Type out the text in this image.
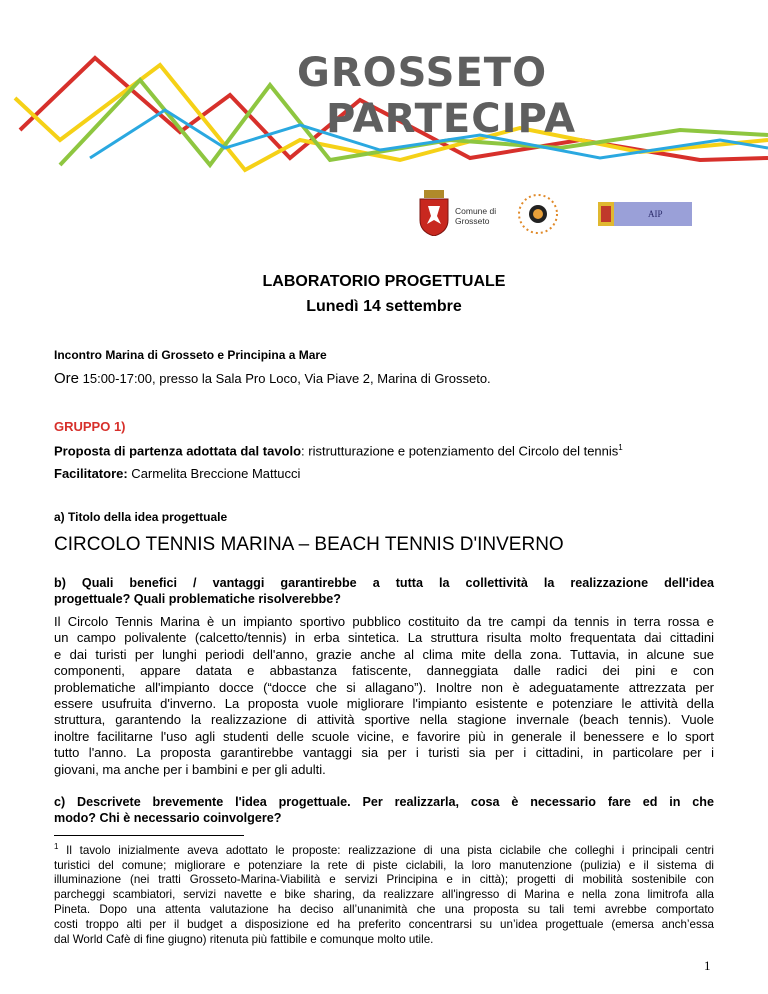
GROSSETO
PARTECIPA
Comune di
Grosseto
AIP
LABORATORIO PROGETTUALE
Lunedì 14 settembre
Incontro Marina di Grosseto e Principina a Mare
Ore 15:00-17:00, presso la Sala Pro Loco, Via Piave 2, Marina di Grosseto.
GRUPPO 1)
Proposta di partenza adottata dal tavolo: ristrutturazione e potenziamento del Circolo del tennis$^1$
Facilitatore: Carmelita Breccione Mattucci
a) Titolo della idea progettuale
CIRCOLO TENNIS MARINA – BEACH TENNIS D'INVERNO
b) Quali benefici / vantaggi garantirebbe a tutta la collettività la realizzazione dell'idea
progettuale? Quali problematiche risolverebbe?
Il Circolo Tennis Marina è un impianto sportivo pubblico costituito da tre campi da tennis in terra rossa e
un campo polivalente (calcetto/tennis) in erba sintetica. La struttura risulta molto frequentata dai cittadini
e dai turisti per lunghi periodi dell'anno, grazie anche al clima mite della zona. Tuttavia, in alcune sue
componenti, appare datata e abbastanza fatiscente, danneggiata dalle radici dei pini e con
problematiche all'impianto docce (“docce che si allagano”). Inoltre non è adeguatamente attrezzata per
essere usufruita d'inverno. La proposta vuole migliorare l'impianto esistente e potenziare le attività della
struttura, garantendo la realizzazione di attività sportive nella stagione invernale (beach tennis). Vuole
inoltre facilitarne l'uso agli studenti delle scuole vicine, e favorire più in generale il benessere e lo sport
tutto l'anno. La proposta garantirebbe vantaggi sia per i turisti sia per i cittadini, in particolare per i
giovani, ma anche per i bambini e per gli adulti.
c) Descrivete brevemente l'idea progettuale. Per realizzarla, cosa è necessario fare ed in che
modo? Chi è necessario coinvolgere?
$^1$ Il tavolo inizialmente aveva adottato le proposte: realizzazione di una pista ciclabile che colleghi i principali centri
turistici del comune; migliorare e potenziare la rete di piste ciclabili, la loro manutenzione (pulizia) e il sistema di
illuminazione (nei tratti Grosseto-Marina-Viabilità e servizi Principina e in città); progetti di mobilità sostenibile con
parcheggi scambiatori, servizi navette e bike sharing, da realizzare all'ingresso di Marina e nella zona limitrofa alla
Pineta. Dopo una attenta valutazione ha deciso all’unanimità che una proposta su tali temi avrebbe comportato
costi troppo alti per il budget a disposizione ed ha preferito concentrarsi su un’idea progettuale (emersa anch’essa
dal World Cafè di fine giugno) ritenuta più fattibile e comunque molto utile.
1
